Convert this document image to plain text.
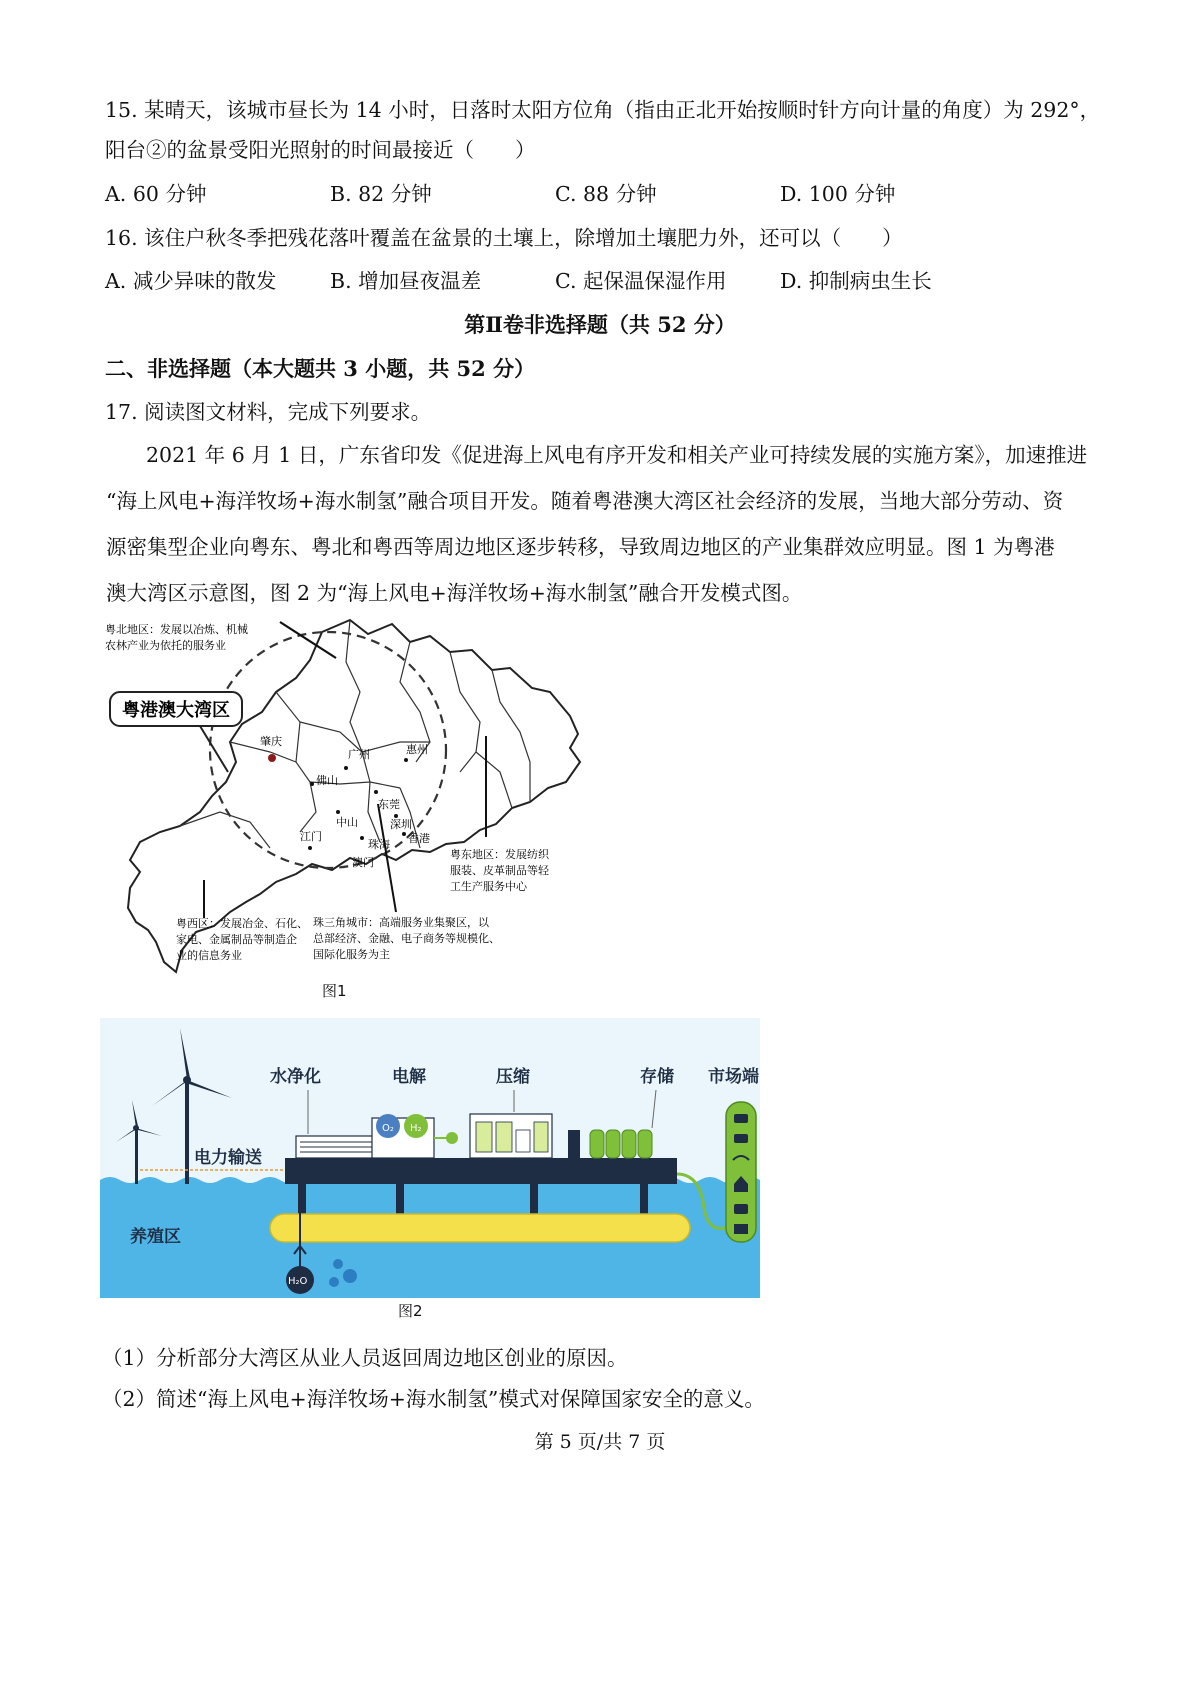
15. 某晴天，该城市昼长为 14 小时，日落时太阳方位角（指由正北开始按顺时针方向计量的角度）为 292°，
阳台②的盆景受阳光照射的时间最接近（　　）
A. 60 分钟	B. 82 分钟	C. 88 分钟	D. 100 分钟
16. 该住户秋冬季把残花落叶覆盖在盆景的土壤上，除增加土壤肥力外，还可以（　　）
A. 减少异味的散发	B. 增加昼夜温差	C. 起保温保湿作用	D. 抑制病虫生长
第Ⅱ卷非选择题（共 52 分）
二、非选择题（本大题共 3 小题，共 52 分）
17. 阅读图文材料，完成下列要求。
2021 年 6 月 1 日，广东省印发《促进海上风电有序开发和相关产业可持续发展的实施方案》，加速推进
“海上风电+海洋牧场+海水制氢”融合项目开发。随着粤港澳大湾区社会经济的发展，当地大部分劳动、资
源密集型企业向粤东、粤北和粤西等周边地区逐步转移，导致周边地区的产业集群效应明显。图 1 为粤港
澳大湾区示意图，图 2 为“海上风电+海洋牧场+海水制氢”融合开发模式图。
粤港澳大湾区
粤北地区：发展以冶炼、机械
农林产业为依托的服务业
粤东地区：发展纺织
服装、皮革制品等轻
工生产服务中心
粤西区：发展冶金、石化、
家电、金属制品等制造企
业的信息务业
珠三角城市：高端服务业集聚区，以
总部经济、金融、电子商务等规模化、
国际化服务为主
肇庆
广州	惠州
佛山
东莞
中山	深圳
江门
珠海 香港
澳门
图1
电力输送
水净化
O₂ H₂
电解	压缩	存储 市场端
H₂O
养殖区
图2
（1）分析部分大湾区从业人员返回周边地区创业的原因。
（2）简述“海上风电+海洋牧场+海水制氢”模式对保障国家安全的意义。
第 5 页/共 7 页
